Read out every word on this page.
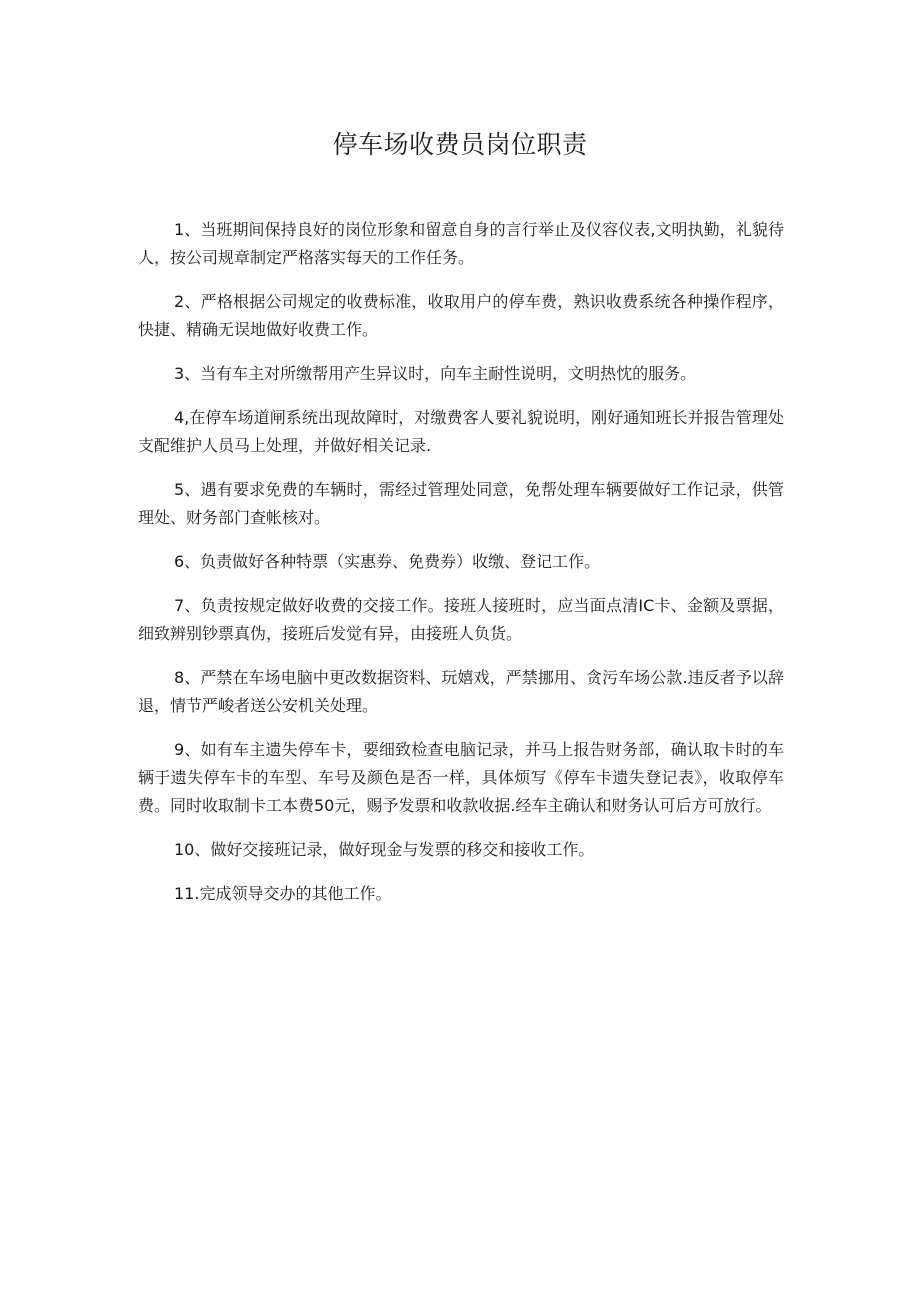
停车场收费员岗位职责

1、当班期间保持良好的岗位形象和留意自身的言行举止及仪容仪表,文明执勤，礼貌待人，按公司规章制定严格落实每天的工作任务。

2、严格根据公司规定的收费标准，收取用户的停车费，熟识收费系统各种操作程序，快捷、精确无误地做好收费工作。

3、当有车主对所缴帮用产生异议时，向车主耐性说明，文明热忱的服务。

4,在停车场道闸系统出现故障时，对缴费客人要礼貌说明，刚好通知班长并报告管理处支配维护人员马上处理，并做好相关记录.

5、遇有要求免费的车辆时，需经过管理处同意，免帮处理车辆要做好工作记录，供管理处、财务部门查帐核对。

6、负责做好各种特票（实惠券、免费券）收缴、登记工作。

7、负责按规定做好收费的交接工作。接班人接班时，应当面点清IC卡、金额及票据，细致辨别钞票真伪，接班后发觉有异，由接班人负货。

8、严禁在车场电脑中更改数据资料、玩嬉戏，严禁挪用、贪污车场公款.违反者予以辞退，情节严峻者送公安机关处理。

9、如有车主遗失停车卡，要细致检查电脑记录，并马上报告财务部，确认取卡时的车辆于遗失停车卡的车型、车号及颜色是否一样，具体烦写《停车卡遗失登记表》，收取停车费。同时收取制卡工本费50元，赐予发票和收款收据.经车主确认和财务认可后方可放行。

10、做好交接班记录，做好现金与发票的移交和接收工作。

11.完成领导交办的其他工作。
